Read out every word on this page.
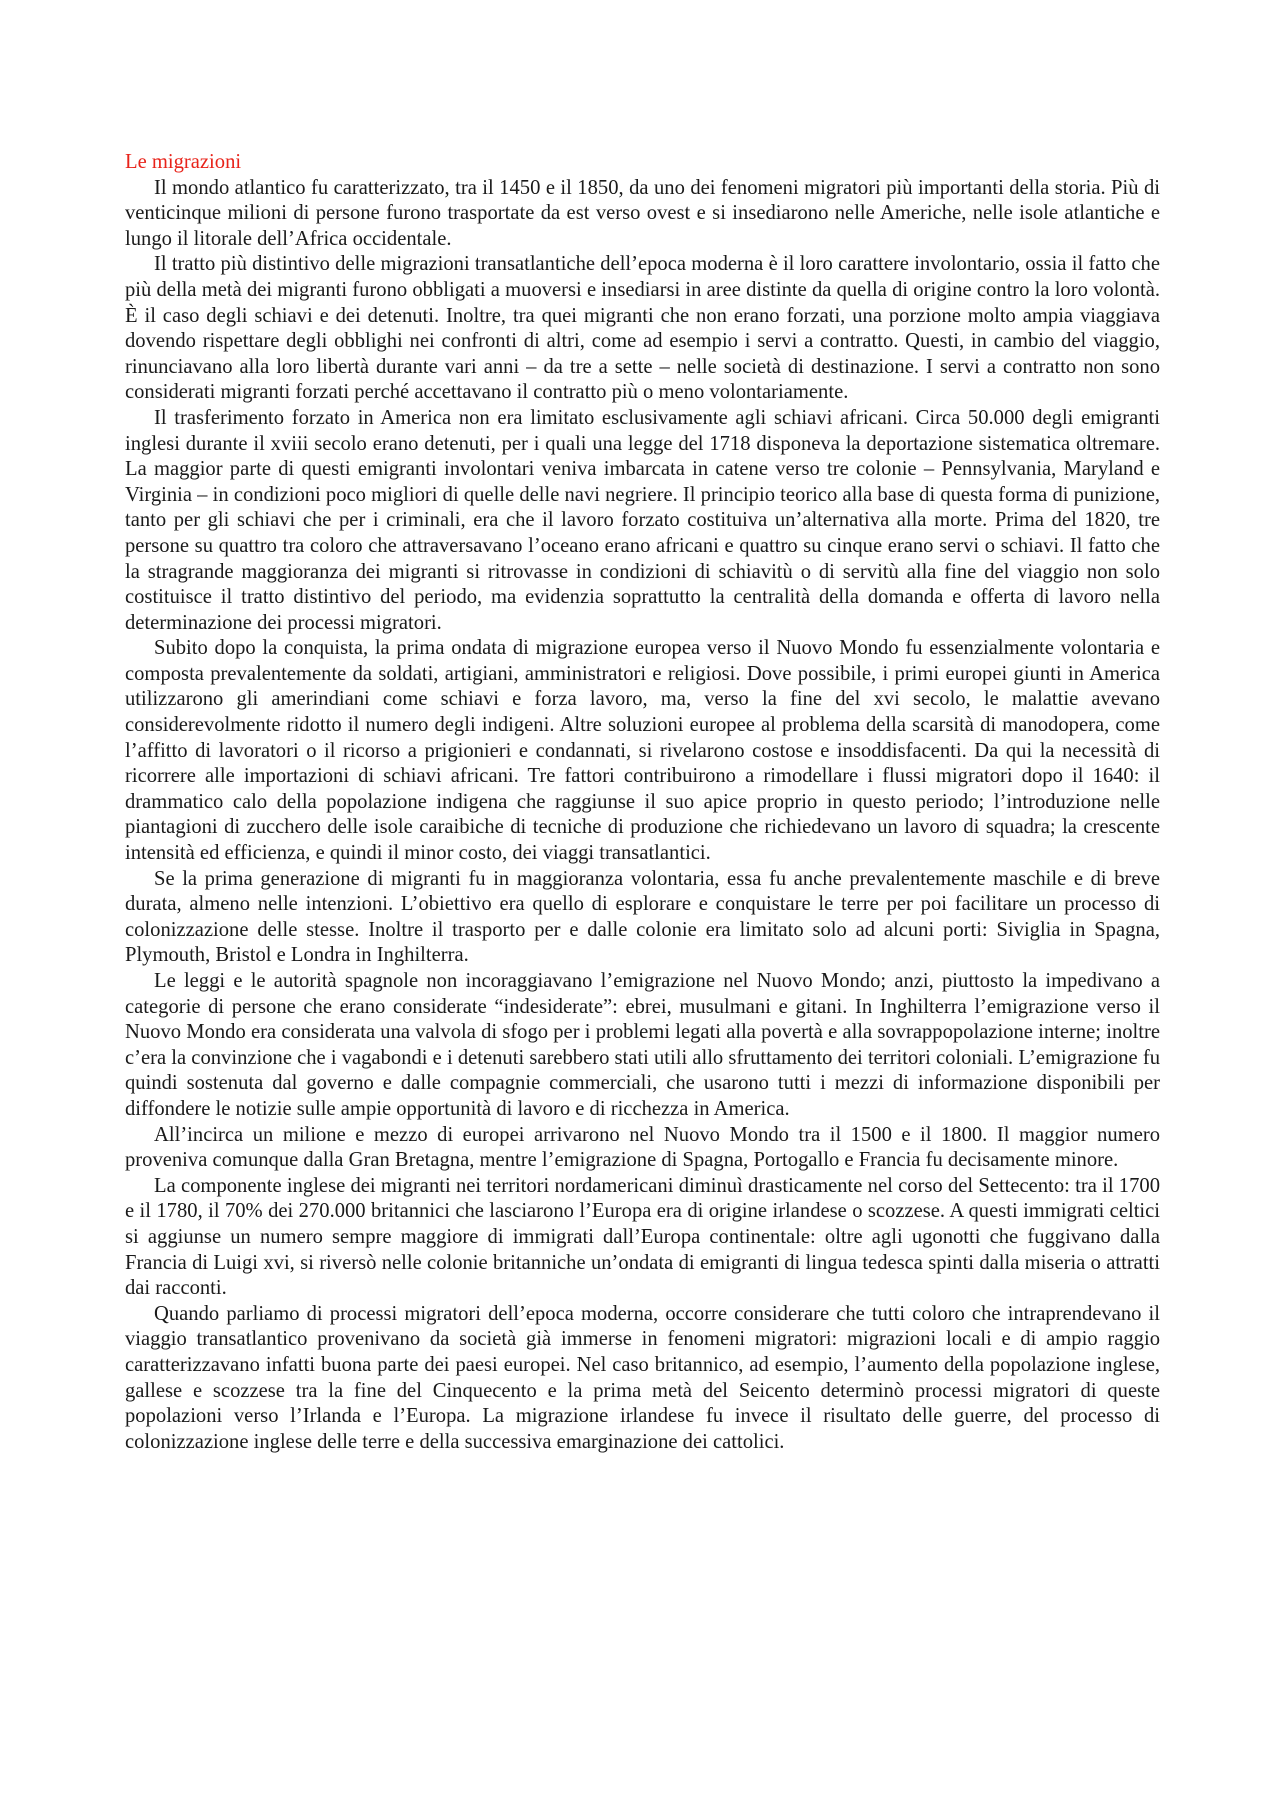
Le migrazioni

Il mondo atlantico fu caratterizzato, tra il 1450 e il 1850, da uno dei fenomeni migratori più importanti della storia. Più di venticinque milioni di persone furono trasportate da est verso ovest e si insediarono nelle Americhe, nelle isole atlantiche e lungo il litorale dell’Africa occidentale.

Il tratto più distintivo delle migrazioni transatlantiche dell’epoca moderna è il loro carattere involontario, ossia il fatto che più della metà dei migranti furono obbligati a muoversi e insediarsi in aree distinte da quella di origine contro la loro volontà. È il caso degli schiavi e dei detenuti. Inoltre, tra quei migranti che non erano forzati, una porzione molto ampia viaggiava dovendo rispettare degli obblighi nei confronti di altri, come ad esempio i servi a contratto. Questi, in cambio del viaggio, rinunciavano alla loro libertà durante vari anni – da tre a sette – nelle società di destinazione. I servi a contratto non sono considerati migranti forzati perché accettavano il contratto più o meno volontariamente.

Il trasferimento forzato in America non era limitato esclusivamente agli schiavi africani. Circa 50.000 degli emigranti inglesi durante il xviii secolo erano detenuti, per i quali una legge del 1718 disponeva la deportazione sistematica oltremare. La maggior parte di questi emigranti involontari veniva imbarcata in catene verso tre colonie – Pennsylvania, Maryland e Virginia – in condizioni poco migliori di quelle delle navi negriere. Il principio teorico alla base di questa forma di punizione, tanto per gli schiavi che per i criminali, era che il lavoro forzato costituiva un’alternativa alla morte. Prima del 1820, tre persone su quattro tra coloro che attraversavano l’oceano erano africani e quattro su cinque erano servi o schiavi. Il fatto che la stragrande maggioranza dei migranti si ritrovasse in condizioni di schiavitù o di servitù alla fine del viaggio non solo costituisce il tratto distintivo del periodo, ma evidenzia soprattutto la centralità della domanda e offerta di lavoro nella determinazione dei processi migratori.

Subito dopo la conquista, la prima ondata di migrazione europea verso il Nuovo Mondo fu essenzialmente volontaria e composta prevalentemente da soldati, artigiani, amministratori e religiosi. Dove possibile, i primi europei giunti in America utilizzarono gli amerindiani come schiavi e forza lavoro, ma, verso la fine del xvi secolo, le malattie avevano considerevolmente ridotto il numero degli indigeni. Altre soluzioni europee al problema della scarsità di manodopera, come l’affitto di lavoratori o il ricorso a prigionieri e condannati, si rivelarono costose e insoddisfacenti. Da qui la necessità di ricorrere alle importazioni di schiavi africani. Tre fattori contribuirono a rimodellare i flussi migratori dopo il 1640: il drammatico calo della popolazione indigena che raggiunse il suo apice proprio in questo periodo; l’introduzione nelle piantagioni di zucchero delle isole caraibiche di tecniche di produzione che richiedevano un lavoro di squadra; la crescente intensità ed efficienza, e quindi il minor costo, dei viaggi transatlantici.

Se la prima generazione di migranti fu in maggioranza volontaria, essa fu anche prevalentemente maschile e di breve durata, almeno nelle intenzioni. L’obiettivo era quello di esplorare e conquistare le terre per poi facilitare un processo di colonizzazione delle stesse. Inoltre il trasporto per e dalle colonie era limitato solo ad alcuni porti: Siviglia in Spagna, Plymouth, Bristol e Londra in Inghilterra.

Le leggi e le autorità spagnole non incoraggiavano l’emigrazione nel Nuovo Mondo; anzi, piuttosto la impedivano a categorie di persone che erano considerate “indesiderate”: ebrei, musulmani e gitani. In Inghilterra l’emigrazione verso il Nuovo Mondo era considerata una valvola di sfogo per i problemi legati alla povertà e alla sovrappopolazione interne; inoltre c’era la convinzione che i vagabondi e i detenuti sarebbero stati utili allo sfruttamento dei territori coloniali. L’emigrazione fu quindi sostenuta dal governo e dalle compagnie commerciali, che usarono tutti i mezzi di informazione disponibili per diffondere le notizie sulle ampie opportunità di lavoro e di ricchezza in America.

All’incirca un milione e mezzo di europei arrivarono nel Nuovo Mondo tra il 1500 e il 1800. Il maggior numero proveniva comunque dalla Gran Bretagna, mentre l’emigrazione di Spagna, Portogallo e Francia fu decisamente minore.

La componente inglese dei migranti nei territori nordamericani diminuì drasticamente nel corso del Settecento: tra il 1700 e il 1780, il 70% dei 270.000 britannici che lasciarono l’Europa era di origine irlandese o scozzese. A questi immigrati celtici si aggiunse un numero sempre maggiore di immigrati dall’Europa continentale: oltre agli ugonotti che fuggivano dalla Francia di Luigi xvi, si riversò nelle colonie britanniche un’ondata di emigranti di lingua tedesca spinti dalla miseria o attratti dai racconti.

Quando parliamo di processi migratori dell’epoca moderna, occorre considerare che tutti coloro che intraprendevano il viaggio transatlantico provenivano da società già immerse in fenomeni migratori: migrazioni locali e di ampio raggio caratterizzavano infatti buona parte dei paesi europei. Nel caso britannico, ad esempio, l’aumento della popolazione inglese, gallese e scozzese tra la fine del Cinquecento e la prima metà del Seicento determinò processi migratori di queste popolazioni verso l’Irlanda e l’Europa. La migrazione irlandese fu invece il risultato delle guerre, del processo di colonizzazione inglese delle terre e della successiva emarginazione dei cattolici.
